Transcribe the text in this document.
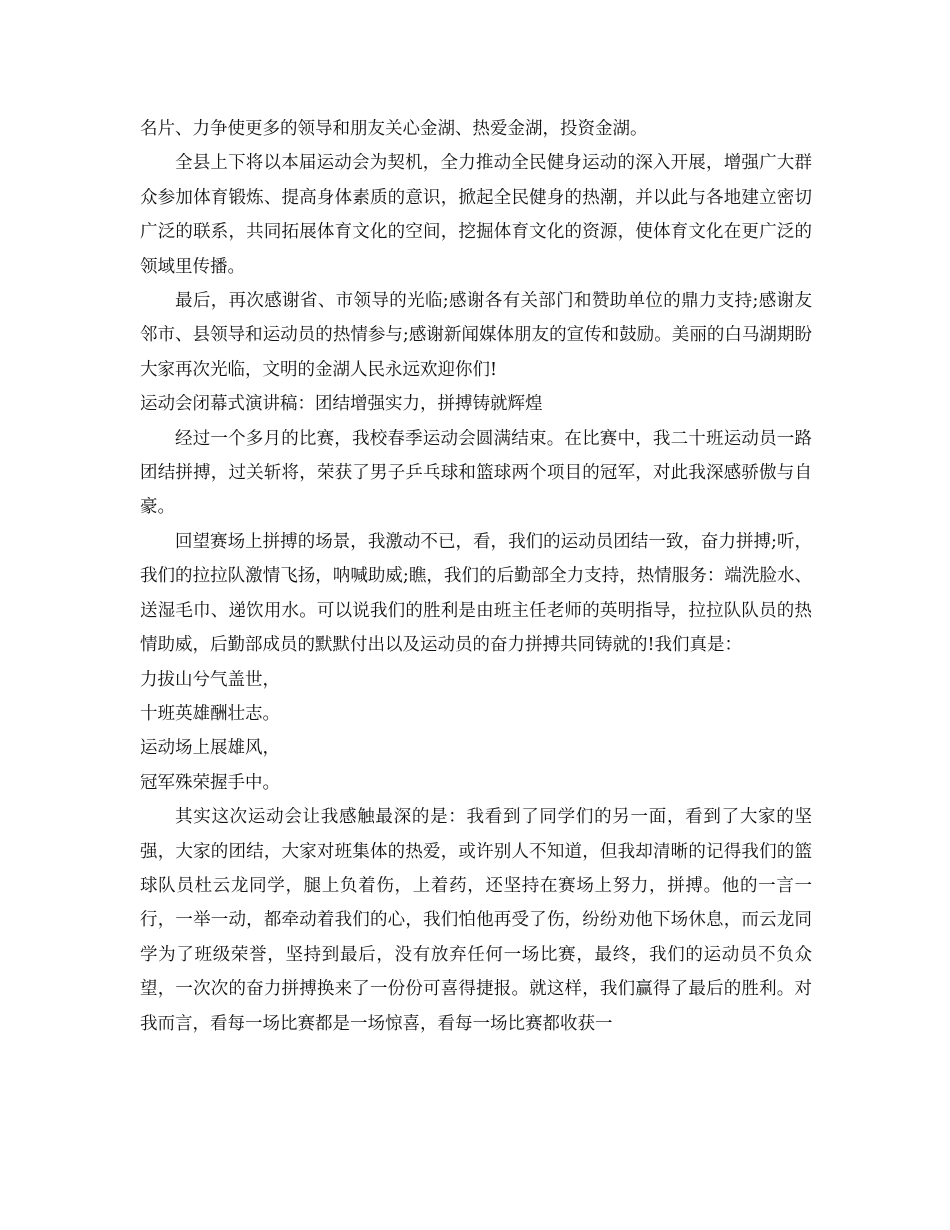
名片、力争使更多的领导和朋友关心金湖、热爱金湖，投资金湖。

全县上下将以本届运动会为契机，全力推动全民健身运动的深入开展，增强广大群众参加体育锻炼、提高身体素质的意识，掀起全民健身的热潮，并以此与各地建立密切广泛的联系，共同拓展体育文化的空间，挖掘体育文化的资源，使体育文化在更广泛的领域里传播。

最后，再次感谢省、市领导的光临;感谢各有关部门和赞助单位的鼎力支持;感谢友邻市、县领导和运动员的热情参与;感谢新闻媒体朋友的宣传和鼓励。美丽的白马湖期盼大家再次光临，文明的金湖人民永远欢迎你们!

运动会闭幕式演讲稿：团结增强实力，拼搏铸就辉煌

经过一个多月的比赛，我校春季运动会圆满结束。在比赛中，我二十班运动员一路团结拼搏，过关斩将，荣获了男子乒乓球和篮球两个项目的冠军，对此我深感骄傲与自豪。

回望赛场上拼搏的场景，我激动不已，看，我们的运动员团结一致，奋力拼搏;听，我们的拉拉队激情飞扬，呐喊助威;瞧，我们的后勤部全力支持，热情服务：端洗脸水、送湿毛巾、递饮用水。可以说我们的胜利是由班主任老师的英明指导，拉拉队队员的热情助威，后勤部成员的默默付出以及运动员的奋力拼搏共同铸就的!我们真是：

力拔山兮气盖世，

十班英雄酬壮志。

运动场上展雄风，

冠军殊荣握手中。

其实这次运动会让我感触最深的是：我看到了同学们的另一面，看到了大家的坚强，大家的团结，大家对班集体的热爱，或许别人不知道，但我却清晰的记得我们的篮球队员杜云龙同学，腿上负着伤，上着药，还坚持在赛场上努力，拼搏。他的一言一行，一举一动，都牵动着我们的心，我们怕他再受了伤，纷纷劝他下场休息，而云龙同学为了班级荣誉，坚持到最后，没有放弃任何一场比赛，最终，我们的运动员不负众望，一次次的奋力拼搏换来了一份份可喜得捷报。就这样，我们赢得了最后的胜利。对我而言，看每一场比赛都是一场惊喜，看每一场比赛都收获一
